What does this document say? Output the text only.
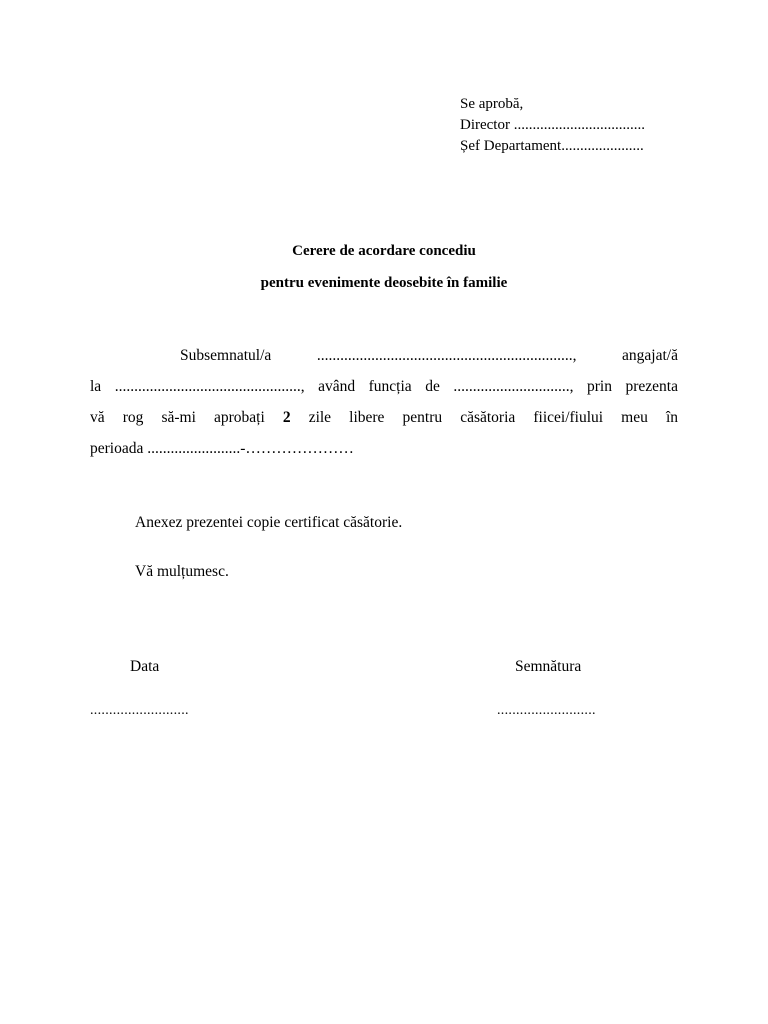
Se aprobă,
Director ...................................
Șef Departament......................
Cerere de acordare concediu
pentru evenimente deosebite în familie
Subsemnatul/a	..................................................................,	angajat/ă
la ................................................, având funcția de .............................., prin prezenta
vă rog să-mi aprobați 2 zile libere pentru căsătoria fiicei/fiului meu în
perioada
........................ - …………………
Anexez prezentei copie certificat căsătorie.
Vă mulțumesc.
Data	Semnătura
..........................	..........................
